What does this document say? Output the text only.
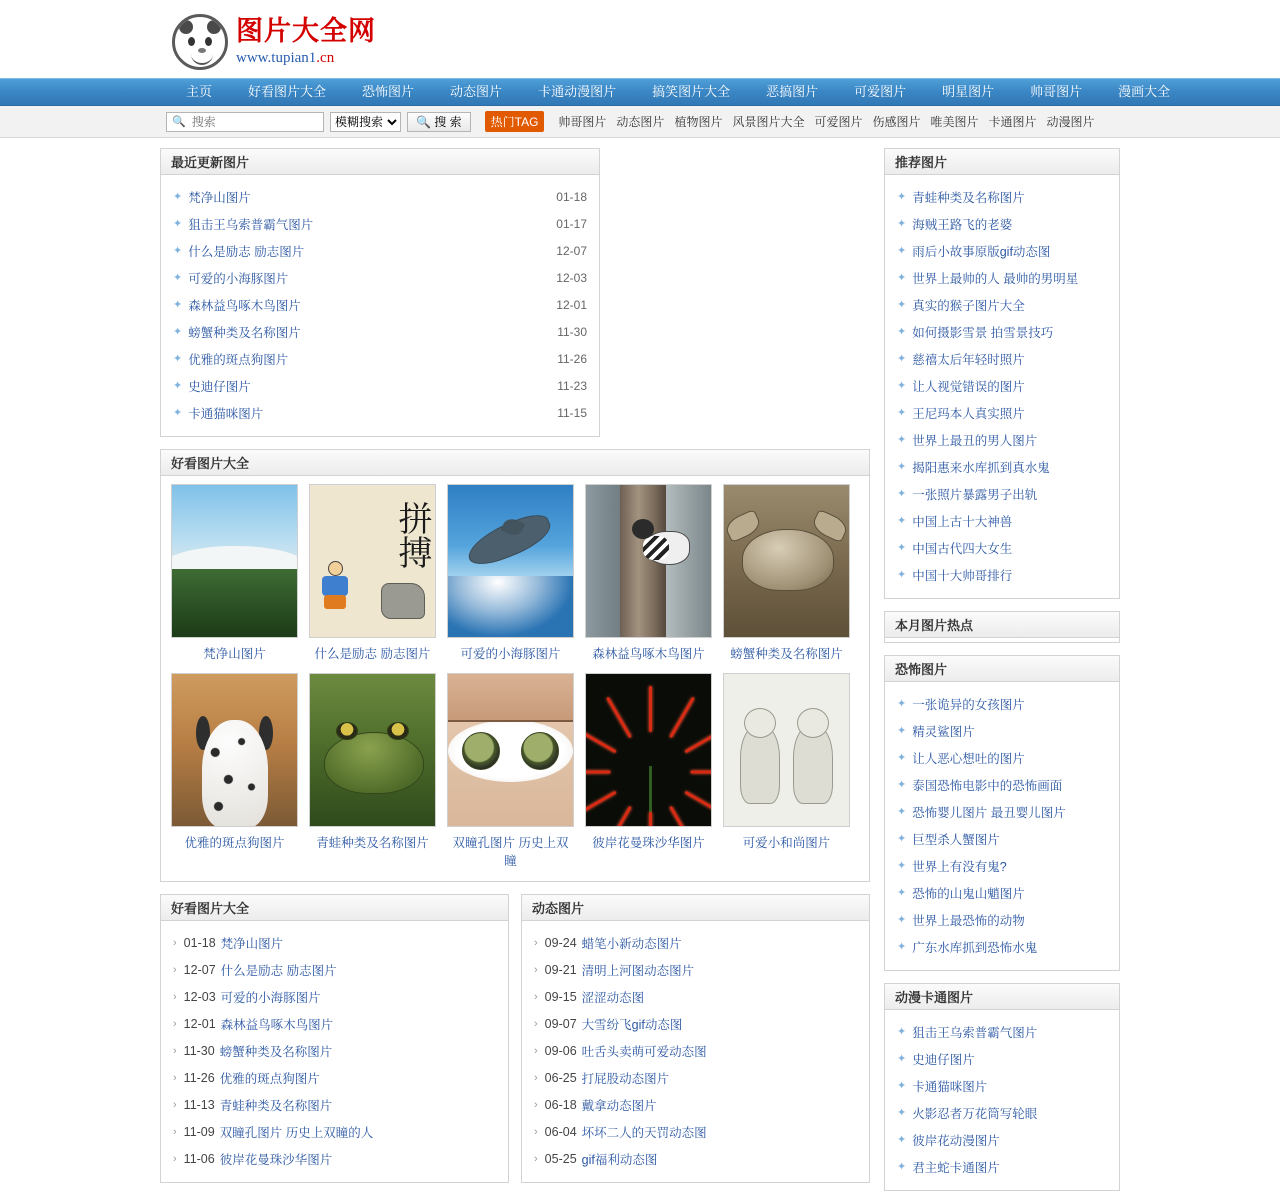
图片大全网
www.tupian1.cn
主页	好看图片大全	恐怖图片	动态图片	卡通动漫图片	搞笑图片大全	恶搞图片	可爱图片	明星图片	帅哥图片	漫画大全
🔍
搜索
模糊搜索	🔍 搜 索	热门TAG	帅哥图片 动态图片 植物图片 风景图片大全 可爱图片 伤感图片 唯美图片 卡通图片 动漫图片
最近更新图片
✦ 梵净山图片	01-18
✦ 狙击王乌索普霸气图片	01-17
✦ 什么是励志 励志图片	12-07
✦ 可爱的小海豚图片	12-03
✦ 森林益鸟啄木鸟图片	12-01
✦ 螃蟹种类及名称图片	11-30
✦ 优雅的斑点狗图片	11-26
✦ 史迪仔图片	11-23
✦ 卡通猫咪图片	11-15
好看图片大全
梵净山图片
拼搏
什么是励志 励志图片	可爱的小海豚图片	森林益鸟啄木鸟图片	螃蟹种类及名称图片
优雅的斑点狗图片	青蛙种类及名称图片	双瞳孔图片 历史上双瞳
彼岸花曼珠沙华图片	可爱小和尚图片
好看图片大全
› 01-18 梵净山图片
› 12-07 什么是励志 励志图片
› 12-03 可爱的小海豚图片
› 12-01 森林益鸟啄木鸟图片
› 11-30 螃蟹种类及名称图片
› 11-26 优雅的斑点狗图片
› 11-13 青蛙种类及名称图片
› 11-09 双瞳孔图片 历史上双瞳的人
› 11-06 彼岸花曼珠沙华图片
动态图片
› 09-24 蜡笔小新动态图片
› 09-21 清明上河图动态图片
› 09-15 涩涩动态图
› 09-07 大雪纷飞gif动态图
› 09-06 吐舌头卖萌可爱动态图
› 06-25 打屁股动态图片
› 06-18 戴拿动态图片
› 06-04 坏坏二人的天罚动态图
› 05-25 gif福利动态图
推荐图片
✦ 青蛙种类及名称图片
✦ 海贼王路飞的老婆
✦ 雨后小故事原版gif动态图
✦ 世界上最帅的人 最帅的男明星
✦ 真实的猴子图片大全
✦ 如何摄影雪景 拍雪景技巧
✦ 慈禧太后年轻时照片
✦ 让人视觉错误的图片
✦ 王尼玛本人真实照片
✦ 世界上最丑的男人图片
✦ 揭阳惠来水库抓到真水鬼
✦ 一张照片暴露男子出轨
✦ 中国上古十大神兽
✦ 中国古代四大女生
✦ 中国十大帅哥排行
本月图片热点
恐怖图片
✦ 一张诡异的女孩图片
✦ 精灵鲨图片
✦ 让人恶心想吐的图片
✦ 泰国恐怖电影中的恐怖画面
✦ 恐怖婴儿图片 最丑婴儿图片
✦ 巨型杀人蟹图片
✦ 世界上有没有鬼?
✦ 恐怖的山鬼山魈图片
✦ 世界上最恐怖的动物
✦ 广东水库抓到恐怖水鬼
动漫卡通图片
✦ 狙击王乌索普霸气图片
✦ 史迪仔图片
✦ 卡通猫咪图片
✦ 火影忍者万花筒写轮眼
✦ 彼岸花动漫图片
✦ 君主蛇卡通图片
